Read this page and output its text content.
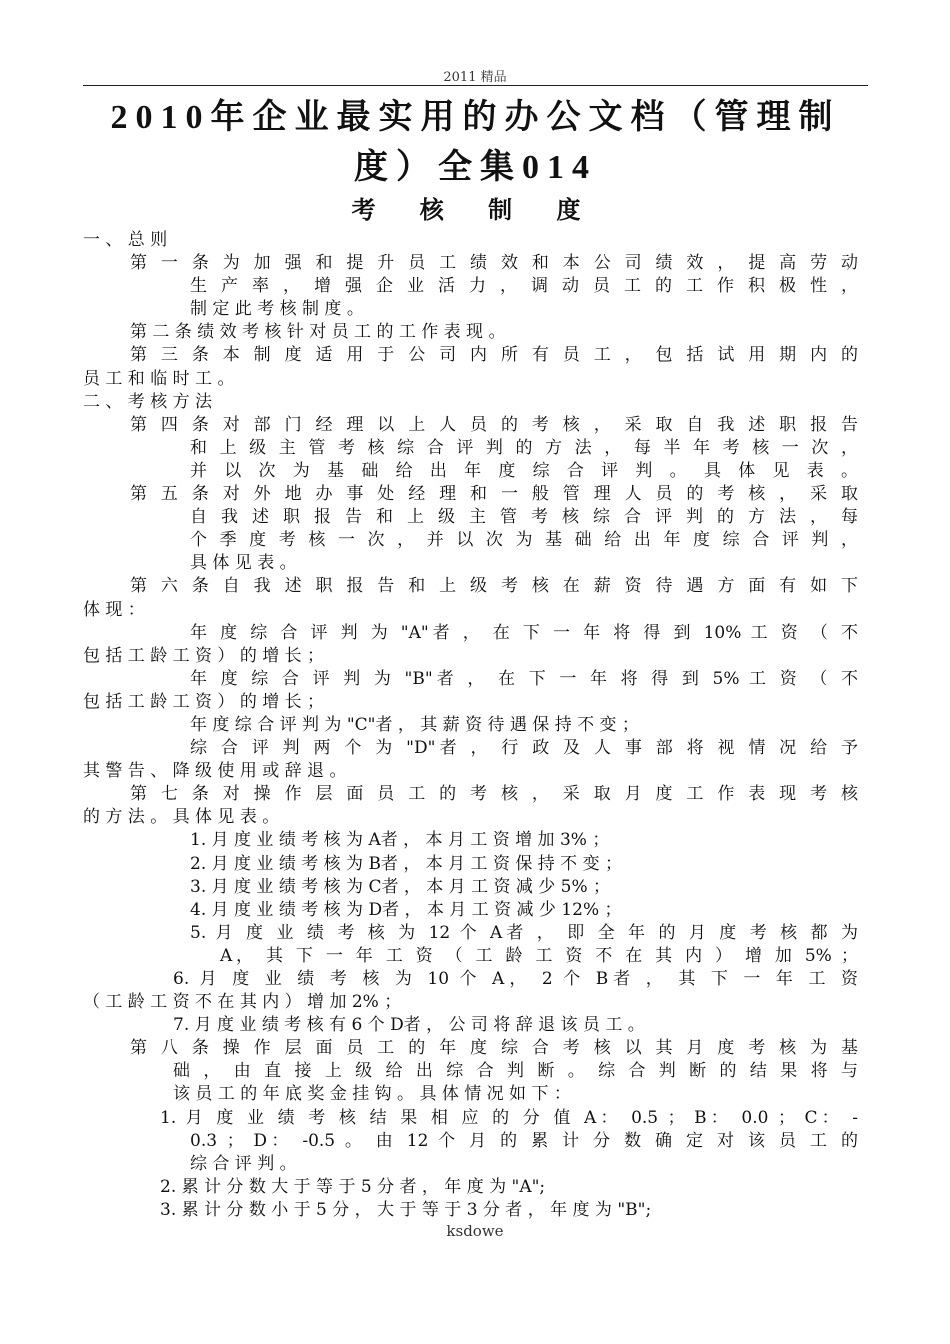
2011 精品
2010年企业最实用的办公文档（管理制
度）全集014
考 核 制 度
一 、 总 则
第 一 条 为 加 强 和 提 升 员 工 绩 效 和 本 公 司 绩 效 ， 提 高 劳 动
生 产 率 ， 增 强 企 业 活 力 ， 调 动 员 工 的 工 作 积 极 性 ，
制 定 此 考 核 制 度 。
第 二 条 绩 效 考 核 针 对 员 工 的 工 作 表 现 。
第 三 条 本 制 度 适 用 于 公 司 内 所 有 员 工 ， 包 括 试 用 期 内 的
员 工 和 临 时 工 。
二 、 考 核 方 法
第 四 条 对 部 门 经 理 以 上 人 员 的 考 核 ， 采 取 自 我 述 职 报 告
和 上 级 主 管 考 核 综 合 评 判 的 方 法 ， 每 半 年 考 核 一 次 ，
并 以 次 为 基 础 给 出 年 度 综 合 评 判 。 具 体 见 表 。
第 五 条 对 外 地 办 事 处 经 理 和 一 般 管 理 人 员 的 考 核 ， 采 取
自 我 述 职 报 告 和 上 级 主 管 考 核 综 合 评 判 的 方 法 ， 每
个 季 度 考 核 一 次 ， 并 以 次 为 基 础 给 出 年 度 综 合 评 判 ，
具 体 见 表 。
第 六 条 自 我 述 职 报 告 和 上 级 考 核 在 薪 资 待 遇 方 面 有 如 下
体 现 ：
年 度 综 合 评 判 为 "A"者 ， 在 下 一 年 将 得 到 10% 工 资 （ 不
包 括 工 龄 工 资 ） 的 增 长 ；
年 度 综 合 评 判 为 "B"者 ， 在 下 一 年 将 得 到 5% 工 资 （ 不
包 括 工 龄 工 资 ） 的 增 长 ；
年 度 综 合 评 判 为 "C"者 ， 其 薪 资 待 遇 保 持 不 变 ；
综 合 评 判 两 个 为 "D"者 ， 行 政 及 人 事 部 将 视 情 况 给 予
其 警 告 、 降 级 使 用 或 辞 退 。
第 七 条 对 操 作 层 面 员 工 的 考 核 ， 采 取 月 度 工 作 表 现 考 核
的 方 法 。 具 体 见 表 。
1. 月 度 业 绩 考 核 为 A者 ， 本 月 工 资 增 加 3% ；
2. 月 度 业 绩 考 核 为 B者 ， 本 月 工 资 保 持 不 变 ；
3. 月 度 业 绩 考 核 为 C者 ， 本 月 工 资 减 少 5% ；
4. 月 度 业 绩 考 核 为 D者 ， 本 月 工 资 减 少 12% ；
5. 月 度 业 绩 考 核 为 12 个 A者 ， 即 全 年 的 月 度 考 核 都 为
A， 其 下 一 年 工 资 （ 工 龄 工 资 不 在 其 内 ） 增 加 5% ；
6. 月 度 业 绩 考 核 为 10 个 A， 2 个 B者 ， 其 下 一 年 工 资
（ 工 龄 工 资 不 在 其 内 ） 增 加 2% ；
7. 月 度 业 绩 考 核 有 6 个 D者 ， 公 司 将 辞 退 该 员 工 。
第 八 条 操 作 层 面 员 工 的 年 度 综 合 考 核 以 其 月 度 考 核 为 基
础 ， 由 直 接 上 级 给 出 综 合 判 断 。 综 合 判 断 的 结 果 将 与
该 员 工 的 年 底 奖 金 挂 钩 。 具 体 情 况 如 下 ：
1. 月 度 业 绩 考 核 结 果 相 应 的 分 值 A： 0.5 ； B： 0.0 ； C： -
0.3 ； D： -0.5 。 由 12 个 月 的 累 计 分 数 确 定 对 该 员 工 的
综 合 评 判 。
2. 累 计 分 数 大 于 等 于 5 分 者 ， 年 度 为 "A";
3. 累 计 分 数 小 于 5 分 ， 大 于 等 于 3 分 者 ， 年 度 为 "B";
ksdowe
